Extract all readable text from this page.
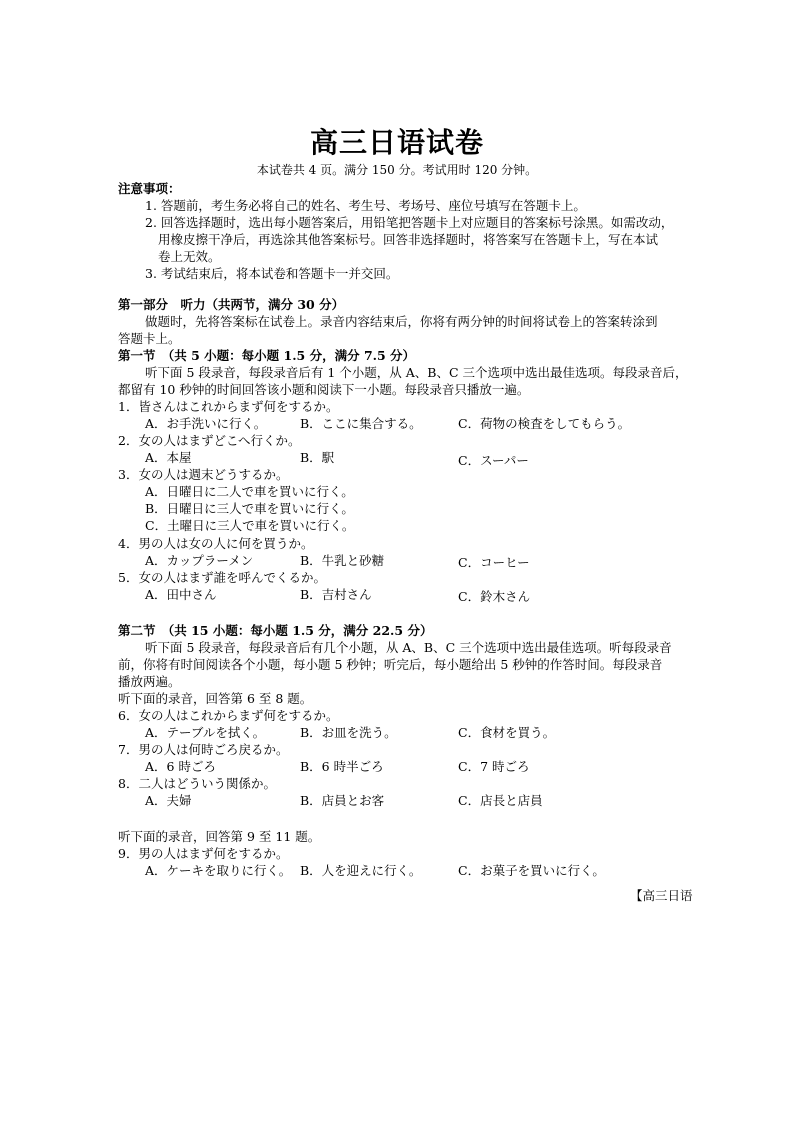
高三日语试卷
本试卷共 4 页。满分 150 分。考试用时 120 分钟。
注意事项：
1. 答题前，考生务必将自己的姓名、考生号、考场号、座位号填写在答题卡上。
2. 回答选择题时，选出每小题答案后，用铅笔把答题卡上对应题目的答案标号涂黑。如需改动，
用橡皮擦干净后，再选涂其他答案标号。回答非选择题时，将答案写在答题卡上，写在本试
卷上无效。
3. 考试结束后，将本试卷和答题卡一并交回。
第一部分　听力（共两节，满分 30 分）
做题时，先将答案标在试卷上。录音内容结束后，你将有两分钟的时间将试卷上的答案转涂到
答题卡上。
第一节　（共 5 小题：每小题 1.5 分，满分 7.5 分）
听下面 5 段录音，每段录音后有 1 个小题，从 A、B、C 三个选项中选出最佳选项。每段录音后，
都留有 10 秒钟的时间回答该小题和阅读下一小题。每段录音只播放一遍。
1．皆さんはこれからまず何をするか。
A．お手洗いに行く。	B．ここに集合する。	C．荷物の検査をしてもらう。
2．女の人はまずどこへ行くか。
A．本屋	B．駅	C．スーパー
3．女の人は週末どうするか。
A．日曜日に二人で車を買いに行く。
B．日曜日に三人で車を買いに行く。
C．土曜日に三人で車を買いに行く。
4．男の人は女の人に何を買うか。
A．カップラーメン	B．牛乳と砂糖	C．コーヒー
5．女の人はまず誰を呼んでくるか。
A．田中さん	B．吉村さん	C．鈴木さん
第二节　（共 15 小题：每小题 1.5 分，满分 22.5 分）
听下面 5 段录音，每段录音后有几个小题，从 A、B、C 三个选项中选出最佳选项。听每段录音
前，你将有时间阅读各个小题，每小题 5 秒钟；听完后，每小题给出 5 秒钟的作答时间。每段录音
播放两遍。
听下面的录音，回答第 6 至 8 题。
6．女の人はこれからまず何をするか。
A．テーブルを拭く。	B．お皿を洗う。	C．食材を買う。
7．男の人は何時ごろ戻るか。
A．6 時ごろ	B．6 時半ごろ	C．7 時ごろ
8．二人はどういう関係か。
A．夫婦	B．店員とお客	C．店長と店員
听下面的录音，回答第 9 至 11 题。
9．男の人はまず何をするか。
A．ケーキを取りに行く。 B．人を迎えに行く。	C．お菓子を買いに行く。
【高三日语
